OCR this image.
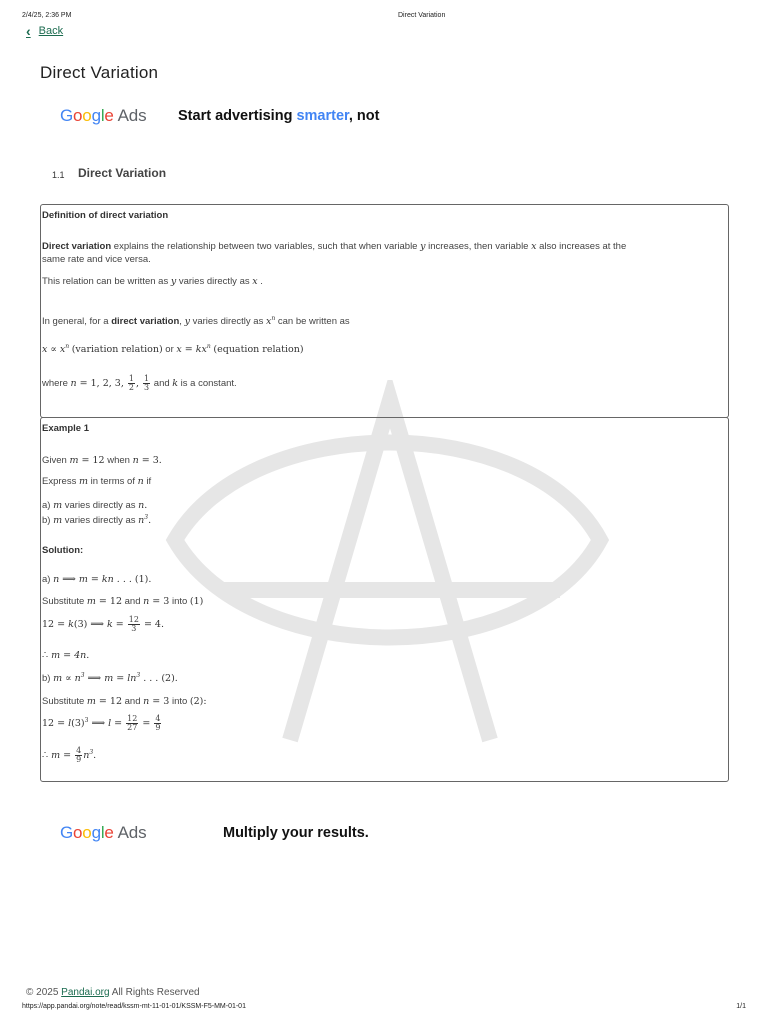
2/4/25, 2:36 PM	Direct Variation
‹ Back
Direct Variation
Google Ads Start advertising smarter, not
1.1 Direct Variation
Definition of direct variation
Direct variation explains the relationship between two variables, such that when variable y increases, then variable x also increases at the
same rate and vice versa.
This relation can be written as y varies directly as x .
In general, for a direct variation, y varies directly as $x^n$ can be written as
$x \propto x^n$ (variation relation) or $x = kx^n$ (equation relation)
where n = 1, 2, 3, $\frac{1}{2}$ , $\frac{1}{3}$ and k is a constant.
Example 1
Given m = 12 when n = 3.
Express m in terms of n if
a) m varies directly as n.
b) m varies directly as $n^3$.
Solution:
a) n ⟹ m = kn . . . (1).
Substitute m = 12 and n = 3 into (1)
12 = k(3) ⟹ $k = \frac{12}{3} = 4$.
∴ m = 4n.
b) $m \propto n^3$ ⟹ $m = \ln^3$ . . . (2).
Substitute m = 12 and n = 3 into (2):
$12 = l(3)^3$ ⟹ $l = \frac{12}{27} = \frac{4}{9}$
∴ $m = \frac{4}{9} n^3$.
Google Ads	Multiply your results.
© 2025 Pandai.org All Rights Reserved
https://app.pandai.org/note/read/kssm-mt-11-01-01/KSSM-F5-MM-01-01	1/1
